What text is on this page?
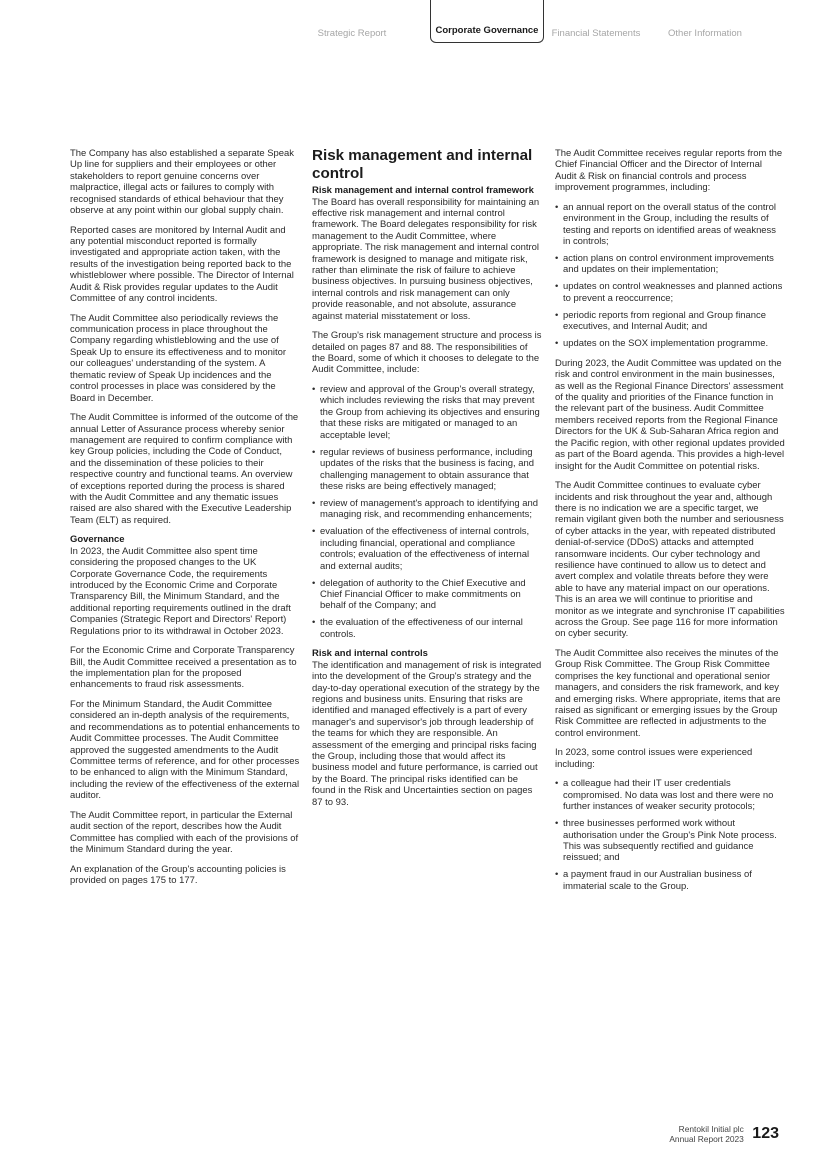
Strategic Report	Corporate Governance	Financial Statements	Other Information

The Company has also established a separate Speak Up line for suppliers and their employees or other stakeholders to report genuine concerns over malpractice, illegal acts or failures to comply with recognised standards of ethical behaviour that they observe at any point within our global supply chain.

Reported cases are monitored by Internal Audit and any potential misconduct reported is formally investigated and appropriate action taken, with the results of the investigation being reported back to the whistleblower where possible. The Director of Internal Audit & Risk provides regular updates to the Audit Committee of any control incidents.

The Audit Committee also periodically reviews the communication process in place throughout the Company regarding whistleblowing and the use of Speak Up to ensure its effectiveness and to monitor our colleagues' understanding of the system. A thematic review of Speak Up incidences and the control processes in place was considered by the Board in December.

The Audit Committee is informed of the outcome of the annual Letter of Assurance process whereby senior management are required to confirm compliance with key Group policies, including the Code of Conduct, and the dissemination of these policies to their respective country and functional teams. An overview of exceptions reported during the process is shared with the Audit Committee and any thematic issues raised are also shared with the Executive Leadership Team (ELT) as required.

Governance

In 2023, the Audit Committee also spent time considering the proposed changes to the UK Corporate Governance Code, the requirements introduced by the Economic Crime and Corporate Transparency Bill, the Minimum Standard, and the additional reporting requirements outlined in the draft Companies (Strategic Report and Directors' Report) Regulations prior to its withdrawal in October 2023.

For the Economic Crime and Corporate Transparency Bill, the Audit Committee received a presentation as to the implementation plan for the proposed enhancements to fraud risk assessments.

For the Minimum Standard, the Audit Committee considered an in-depth analysis of the requirements, and recommendations as to potential enhancements to Audit Committee processes. The Audit Committee approved the suggested amendments to the Audit Committee terms of reference, and for other processes to be enhanced to align with the Minimum Standard, including the review of the effectiveness of the external auditor.

The Audit Committee report, in particular the External audit section of the report, describes how the Audit Committee has complied with each of the provisions of the Minimum Standard during the year.

An explanation of the Group's accounting policies is provided on pages 175 to 177.

Risk management and internal control
Risk management and internal control framework

The Board has overall responsibility for maintaining an effective risk management and internal control framework. The Board delegates responsibility for risk management to the Audit Committee, where appropriate. The risk management and internal control framework is designed to manage and mitigate risk, rather than eliminate the risk of failure to achieve business objectives. In pursuing business objectives, internal controls and risk management can only provide reasonable, and not absolute, assurance against material misstatement or loss.

The Group's risk management structure and process is detailed on pages 87 and 88. The responsibilities of the Board, some of which it chooses to delegate to the Audit Committee, include:

• review and approval of the Group's overall strategy, which includes reviewing the risks that may prevent the Group from achieving its objectives and ensuring that these risks are mitigated or managed to an acceptable level;
• regular reviews of business performance, including updates of the risks that the business is facing, and challenging management to obtain assurance that these risks are being effectively managed;
• review of management's approach to identifying and managing risk, and recommending enhancements;
• evaluation of the effectiveness of internal controls, including financial, operational and compliance controls; evaluation of the effectiveness of internal and external audits;
• delegation of authority to the Chief Executive and Chief Financial Officer to make commitments on behalf of the Company; and
• the evaluation of the effectiveness of our internal controls.
Risk and internal controls

The identification and management of risk is integrated into the development of the Group's strategy and the day-to-day operational execution of the strategy by the regions and business units. Ensuring that risks are identified and managed effectively is a part of every manager's and supervisor's job through leadership of the teams for which they are responsible. An assessment of the emerging and principal risks facing the Group, including those that would affect its business model and future performance, is carried out by the Board. The principal risks identified can be found in the Risk and Uncertainties section on pages 87 to 93.

The Audit Committee receives regular reports from the Chief Financial Officer and the Director of Internal Audit & Risk on financial controls and process improvement programmes, including:

• an annual report on the overall status of the control environment in the Group, including the results of testing and reports on identified areas of weakness in controls;
• action plans on control environment improvements and updates on their implementation;
• updates on control weaknesses and planned actions to prevent a reoccurrence;
• periodic reports from regional and Group finance executives, and Internal Audit; and
• updates on the SOX implementation programme.

During 2023, the Audit Committee was updated on the risk and control environment in the main businesses, as well as the Regional Finance Directors' assessment of the quality and priorities of the Finance function in the relevant part of the business. Audit Committee members received reports from the Regional Finance Directors for the UK & Sub-Saharan Africa region and the Pacific region, with other regional updates provided as part of the Board agenda. This provides a high-level insight for the Audit Committee on potential risks.

The Audit Committee continues to evaluate cyber incidents and risk throughout the year and, although there is no indication we are a specific target, we remain vigilant given both the number and seriousness of cyber attacks in the year, with repeated distributed denial-of-service (DDoS) attacks and attempted ransomware incidents. Our cyber technology and resilience have continued to allow us to detect and avert complex and volatile threats before they were able to have any material impact on our operations. This is an area we will continue to prioritise and monitor as we integrate and synchronise IT capabilities across the Group. See page 116 for more information on cyber security.

The Audit Committee also receives the minutes of the Group Risk Committee. The Group Risk Committee comprises the key functional and operational senior managers, and considers the risk framework, and key and emerging risks. Where appropriate, items that are raised as significant or emerging issues by the Group Risk Committee are reflected in adjustments to the control environment.

In 2023, some control issues were experienced including:

• a colleague had their IT user credentials compromised. No data was lost and there were no further instances of weaker security protocols;
• three businesses performed work without authorisation under the Group's Pink Note process. This was subsequently rectified and guidance reissued; and
• a payment fraud in our Australian business of immaterial scale to the Group.
Rentokil Initial plc
Annual Report 2023 123
